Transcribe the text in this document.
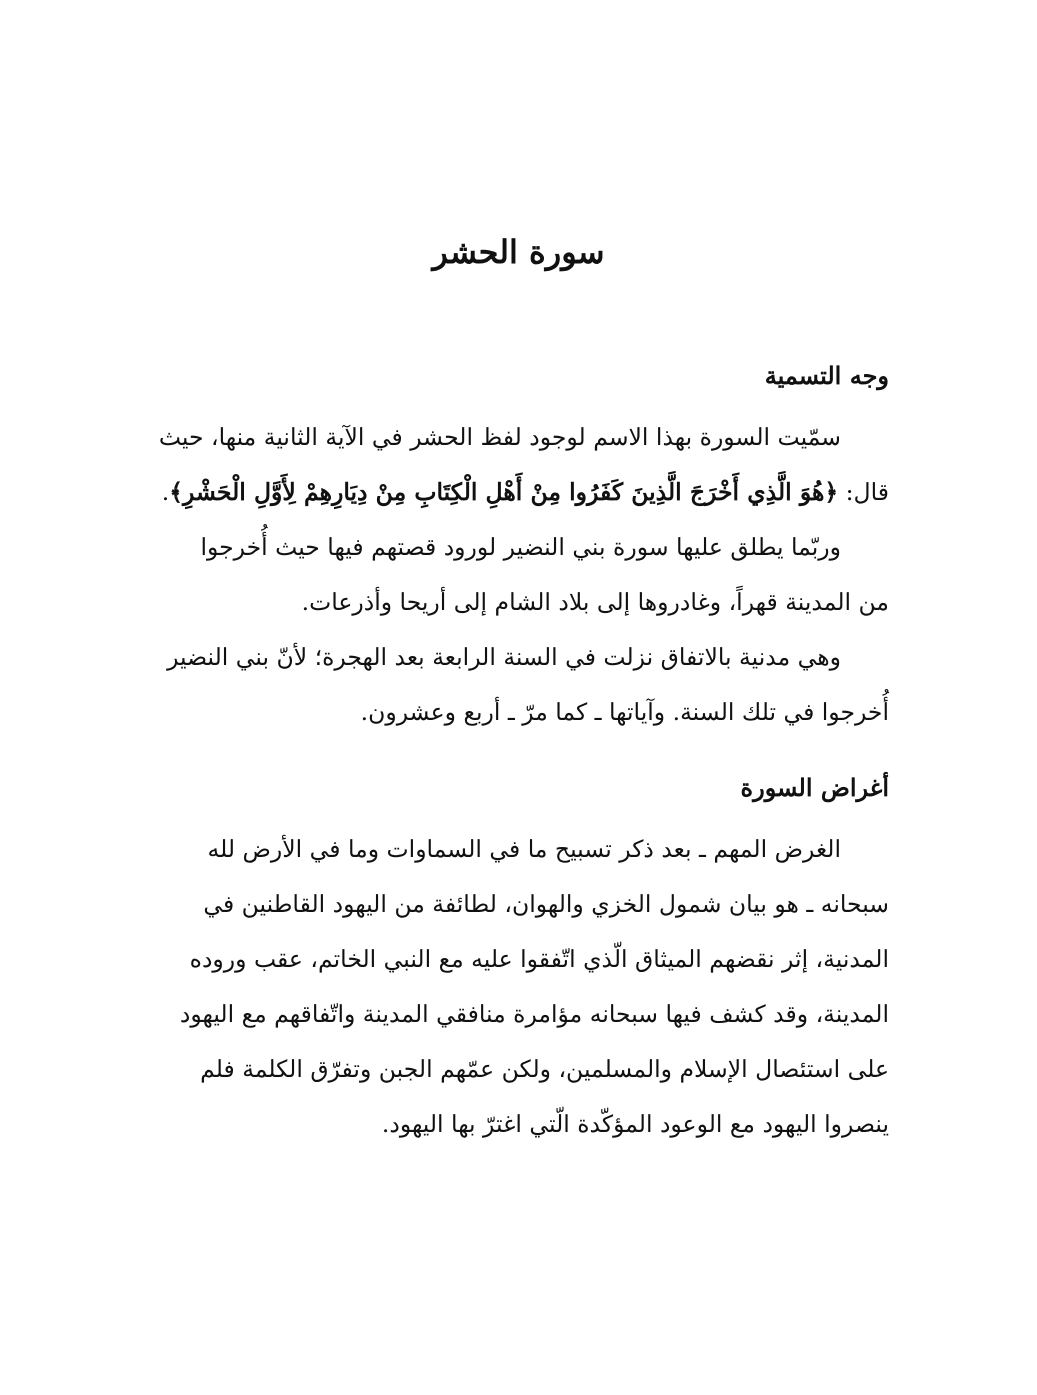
سورة الحشر
وجه التسمية

سمّيت السورة بهذا الاسم لوجود لفظ الحشر في الآية الثانية منها، حيث
قال: ﴿هُوَ الَّذِي أَخْرَجَ الَّذِينَ كَفَرُوا مِنْ أَهْلِ الْكِتَابِ مِنْ دِيَارِهِمْ لِأَوَّلِ الْحَشْرِ﴾.

وربّما يطلق عليها سورة بني النضير لورود قصتهم فيها حيث أُخرجوا
من المدينة قهراً، وغادروها إلى بلاد الشام إلى أريحا وأذرعات.

وهي مدنية بالاتفاق نزلت في السنة الرابعة بعد الهجرة؛ لأنّ بني النضير
أُخرجوا في تلك السنة. وآياتها ـ كما مرّ ـ أربع وعشرون.

أغراض السورة

الغرض المهم ـ بعد ذكر تسبيح ما في السماوات وما في الأرض لله
سبحانه ـ هو بيان شمول الخزي والهوان، لطائفة من اليهود القاطنين في
المدنية، إثر نقضهم الميثاق الّذي اتّفقوا عليه مع النبي الخاتم، عقب وروده
المدينة، وقد كشف فيها سبحانه مؤامرة منافقي المدينة واتّفاقهم مع اليهود
على استئصال الإسلام والمسلمين، ولكن عمّهم الجبن وتفرّق الكلمة فلم
ينصروا اليهود مع الوعود المؤكّدة الّتي اغترّ بها اليهود.
